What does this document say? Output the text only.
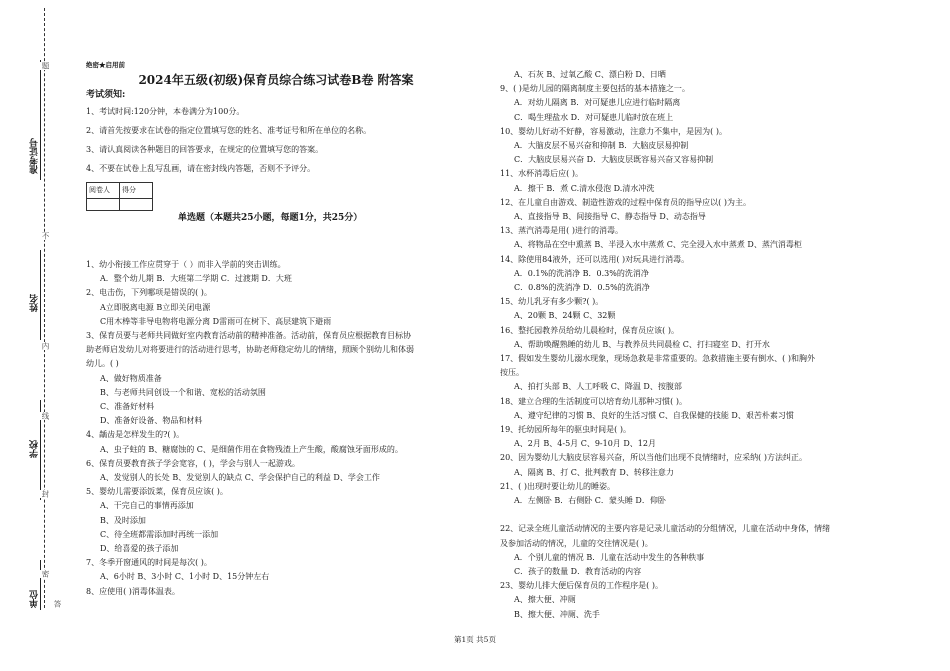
准考证号
姓名
学校
单位
题
不
内
线
封
密
答

绝密★启用前

2024年五级(初级)保育员综合练习试卷B卷 附答案

考试须知:

1、考试时间:120分钟，本卷满分为100分。

2、请首先按要求在试卷的指定位置填写您的姓名、准考证号和所在单位的名称。

3、请认真阅读各种题目的回答要求，在规定的位置填写您的答案。

4、不要在试卷上乱写乱画，请在密封线内答题，否则不予评分。

阅卷人	得分

1、幼小衔接工作应贯穿于（ ）而非入学前的突击训练。

A．整个幼儿期 B．大班第二学期 C．过渡期 D．大班

2、电击伤，下列哪项是错误的( )。

A立即脱离电源 B立即关闭电源

C用木棒等非导电物将电源分离 D雷雨可在树下、高层建筑下避雨

3、保育员要与老师共同做好室内教育活动前的精神准备。活动前，保育员应根据教育目标协

助老师启发幼儿对将要进行的活动进行思考，协助老师稳定幼儿的情绪，照顾个别幼儿和体弱

幼儿。( )

A、做好物质准备

B、与老师共同创设一个和谐、宽松的活动氛围

C、准备好材料

D、准备好设备、物品和材料

4、龋齿是怎样发生的?( )。

A、虫子蛀的 B、糖腐蚀的 C、是细菌作用在食物残渣上产生酸，酸腐蚀牙面形成的。

6、保育员要教育孩子学会宽容，( )，学会与别人一起游戏。

A、发觉别人的长处 B、发觉别人的缺点 C、学会保护自己的利益 D、学会工作

5、婴幼儿需要添饭菜，保育员应该( )。

A、干完自己的事情再添加

B、及时添加

C、待全班都需添加时再统一添加

D、给喜爱的孩子添加

7、冬季开窗通风的时间是每次( )。

A、6小时 B、3小时 C、1小时 D、15分钟左右

8、应使用( )消毒体温表。

单选题（本题共25小题，每题1分，共25分）

A、石灰 B、过氧乙酸 C、漂白粉 D、日晒

9、( )是幼儿园的隔离制度主要包括的基本措施之一。

A．对幼儿隔离 B．对可疑患儿应进行临时隔离

C．喝生理盐水 D．对可疑患儿临时放在班上

10、婴幼儿好动不好静，容易激动，注意力不集中，是因为( )。

A．大脑皮层不易兴奋和抑制 B．大脑皮层易抑制

C．大脑皮层易兴奋 D．大脑皮层既容易兴奋又容易抑制

11、水杯消毒后应( )。

A．擦干 B．煮 C.清水侵泡 D.清水冲洗

12、在儿童自由游戏、制造性游戏的过程中保育员的指导应以( )为主。

A、直接指导 B、间接指导 C、静态指导 D、动态指导

13、蒸汽消毒是用( )进行的消毒。

A、将物品在空中熏蒸 B、半浸入水中蒸煮 C、完全浸入水中蒸煮 D、蒸汽消毒柜

14、除使用84液外，还可以选用( )对玩具进行消毒。

A．0.1%的洗消净 B．0.3%的洗消净

C．0.8%的洗消净 D．0.5%的洗消净

15、幼儿乳牙有多少颗?( )。

A、20颗 B、24颗 C、32颗

16、整托园教养员给幼儿晨检时，保育员应该( )。

A、帮助唤醒熟睡的幼儿 B、与教养员共同晨检 C、打扫寝室 D、打开水

17、假如发生婴幼儿溺水现象，现场急救是非常重要的。急救措施主要有倒水、( )和胸外

按压。

A、拍打头部 B、人工呼吸 C、降温 D、按腹部

18、建立合理的生活制度可以培育幼儿那种习惯( )。

A、遵守纪律的习惯 B、良好的生活习惯 C、自我保健的技能 D、艰苦朴素习惯

19、托幼园所每年的驱虫时间是( )。

A、2月 B、4-5月 C、9-10月 D、12月

20、因为婴幼儿大脑皮层容易兴奋，所以当他们出现不良情绪时，应采纳( )方法纠正。

A、隔离 B、打 C、批判教育 D、转移注意力

21、( )出现时要让幼儿的睡姿。

A．左侧卧 B．右侧卧 C．蒙头睡 D．仰卧

22、记录全班儿童活动情况的主要内容是记录儿童活动的分组情况，儿童在活动中身体，情绪

及参加活动的情况，儿童的交往情况是( )。

A．个别儿童的情况 B．儿童在活动中发生的各种秩事

C．孩子的数量 D．教育活动的内容

23、婴幼儿排大便后保育员的工作程序是( )。

A、擦大便、冲厕

B、擦大便、冲厕、洗手

第1页 共5页
